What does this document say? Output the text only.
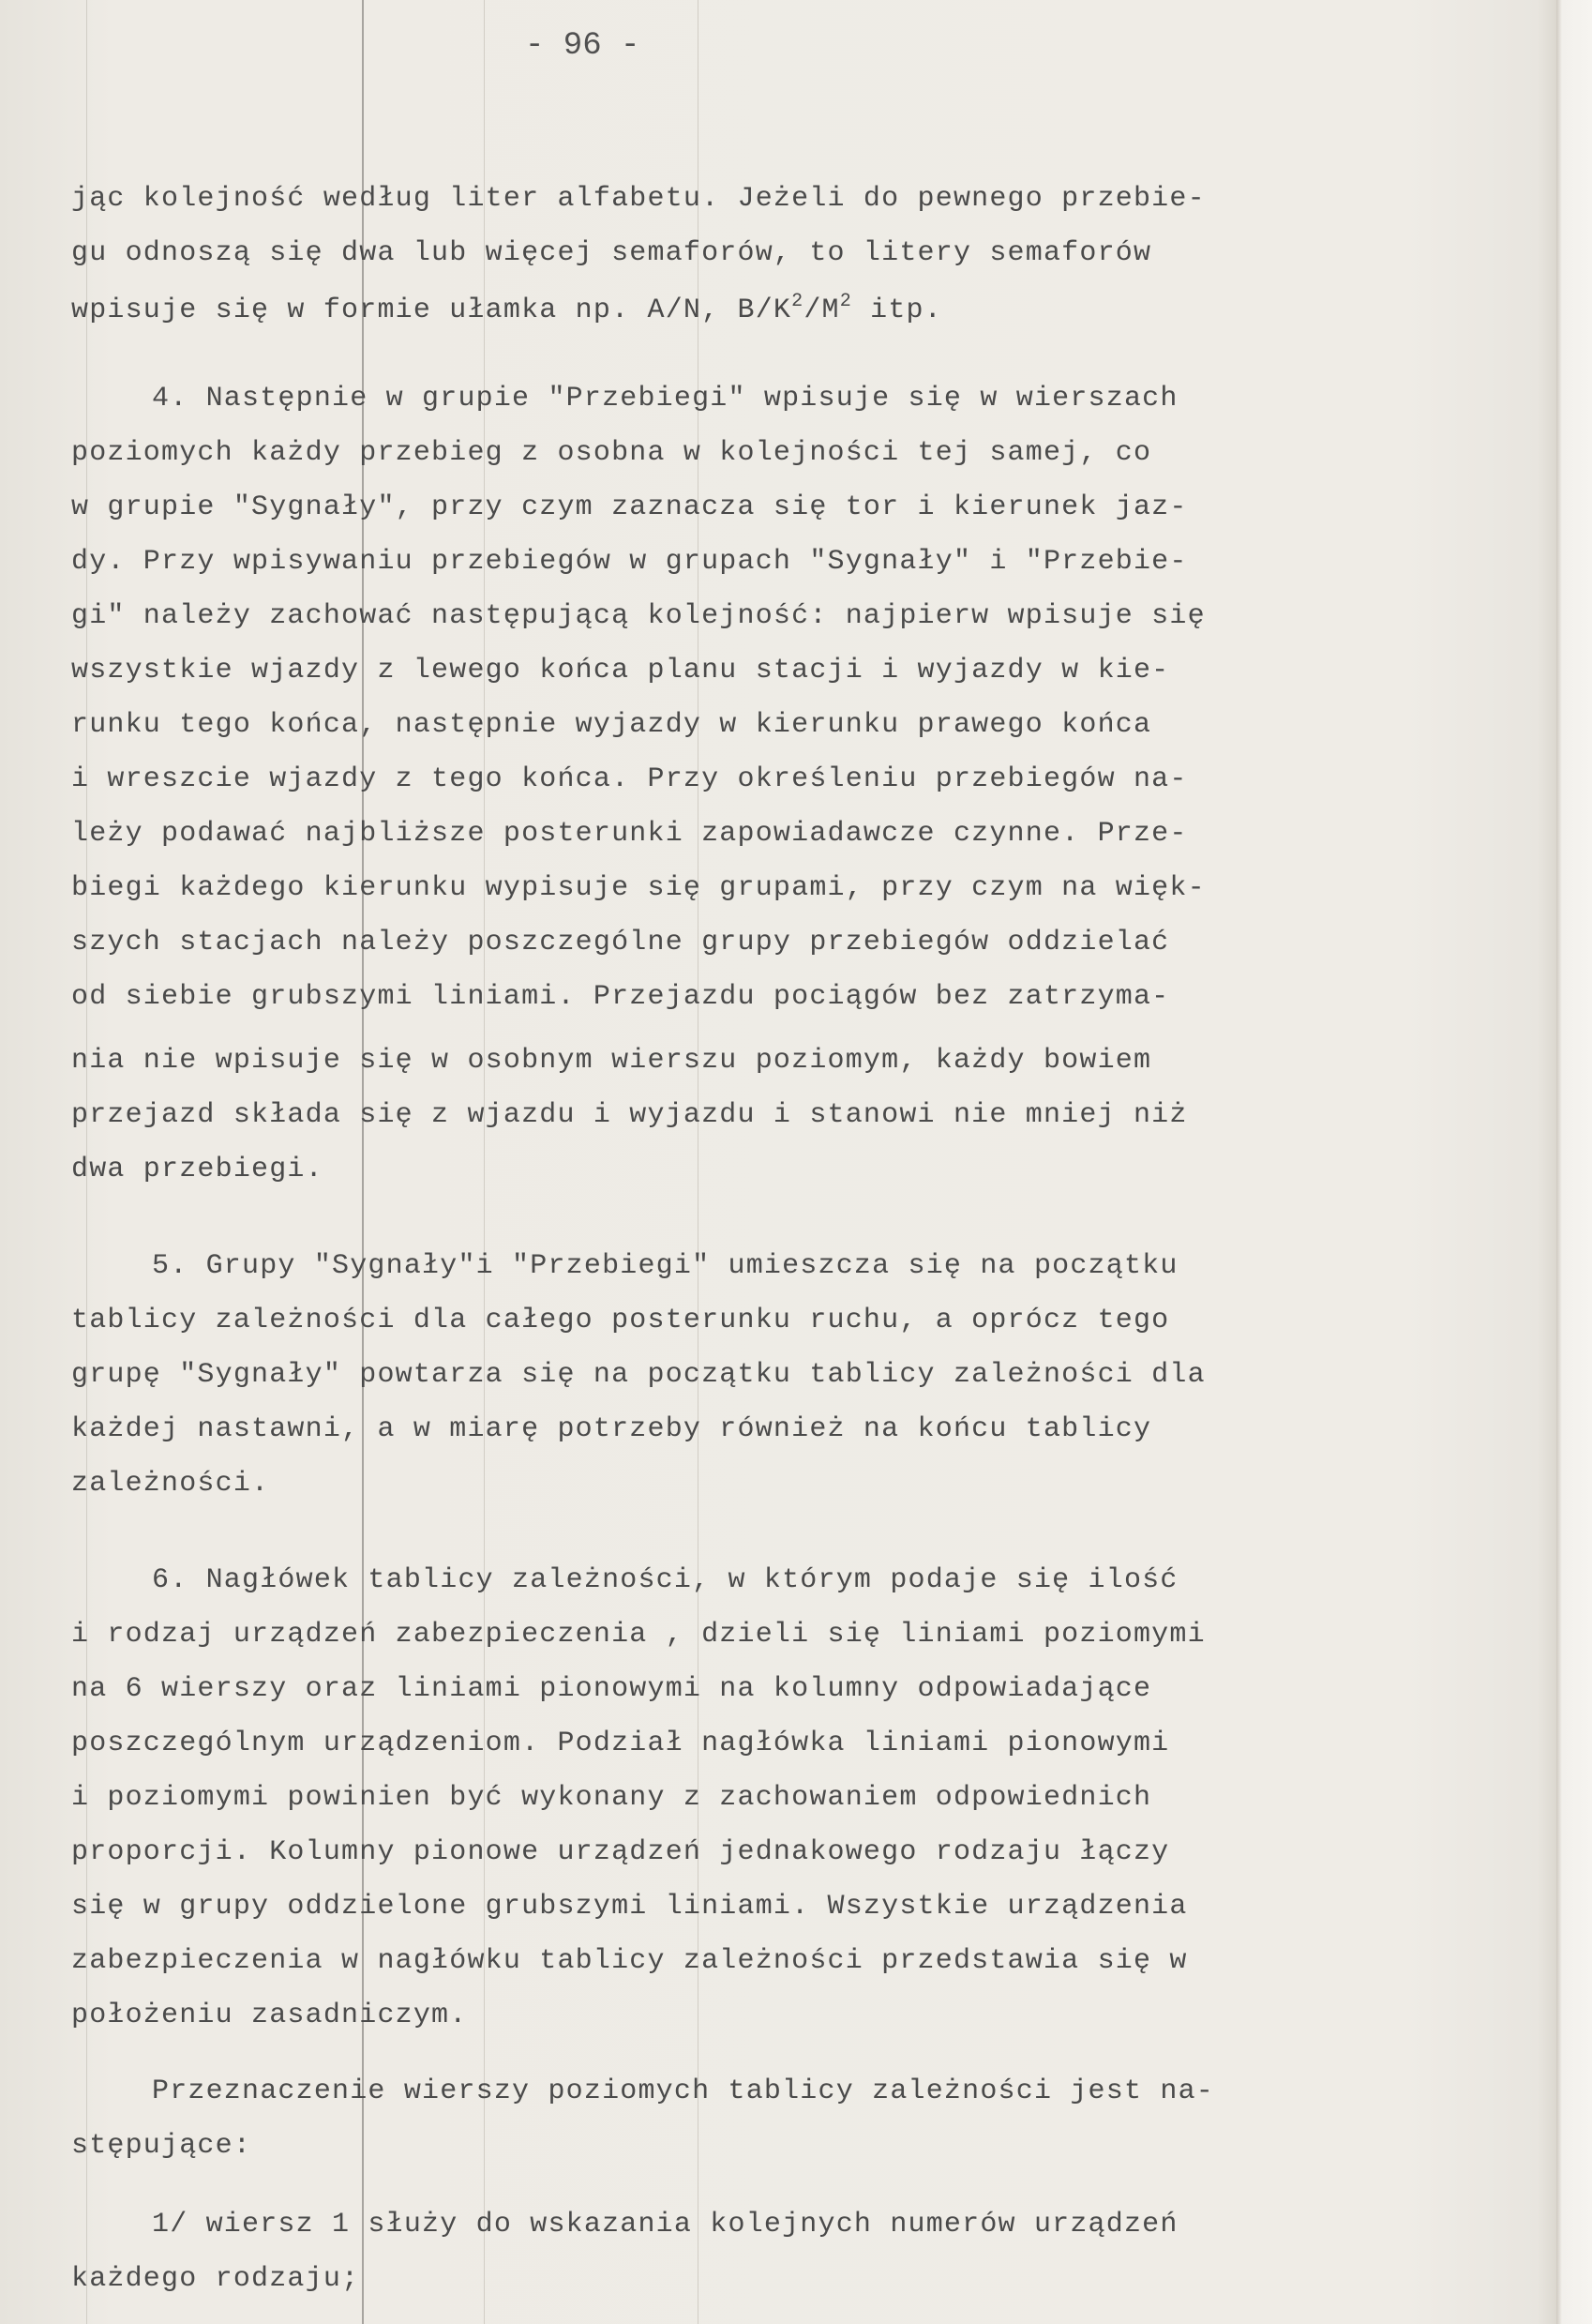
- 96 -
jąc kolejność według liter alfabetu. Jeżeli do pewnego przebie-
gu odnoszą się dwa lub więcej semaforów, to litery semaforów
wpisuje się w formie ułamka np. A/N, $B/K^2/M^2$ itp.
4. Następnie w grupie "Przebiegi" wpisuje się w wierszach
poziomych każdy przebieg z osobna w kolejności tej samej, co
w grupie "Sygnały", przy czym zaznacza się tor i kierunek jaz-
dy. Przy wpisywaniu przebiegów w grupach "Sygnały" i "Przebie-
gi" należy zachować następującą kolejność: najpierw wpisuje się
wszystkie wjazdy z lewego końca planu stacji i wyjazdy w kie-
runku tego końca, następnie wyjazdy w kierunku prawego końca
i wreszcie wjazdy z tego końca. Przy określeniu przebiegów na-
leży podawać najbliższe posterunki zapowiadawcze czynne. Prze-
biegi każdego kierunku wypisuje się grupami, przy czym na więk-
szych stacjach należy poszczególne grupy przebiegów oddzielać
od siebie grubszymi liniami. Przejazdu pociągów bez zatrzyma-
nia nie wpisuje się w osobnym wierszu poziomym, każdy bowiem
przejazd składa się z wjazdu i wyjazdu i stanowi nie mniej niż
dwa przebiegi.
5. Grupy "Sygnały"i "Przebiegi" umieszcza się na początku
tablicy zależności dla całego posterunku ruchu, a oprócz tego
grupę "Sygnały" powtarza się na początku tablicy zależności dla
każdej nastawni, a w miarę potrzeby również na końcu tablicy
zależności.
6. Nagłówek tablicy zależności, w którym podaje się ilość
i rodzaj urządzeń zabezpieczenia , dzieli się liniami poziomymi
na 6 wierszy oraz liniami pionowymi na kolumny odpowiadające
poszczególnym urządzeniom. Podział nagłówka liniami pionowymi
i poziomymi powinien być wykonany z zachowaniem odpowiednich
proporcji. Kolumny pionowe urządzeń jednakowego rodzaju łączy
się w grupy oddzielone grubszymi liniami. Wszystkie urządzenia
zabezpieczenia w nagłówku tablicy zależności przedstawia się w
położeniu zasadniczym.
Przeznaczenie wierszy poziomych tablicy zależności jest na-
stępujące:
1/ wiersz 1 służy do wskazania kolejnych numerów urządzeń
każdego rodzaju;
